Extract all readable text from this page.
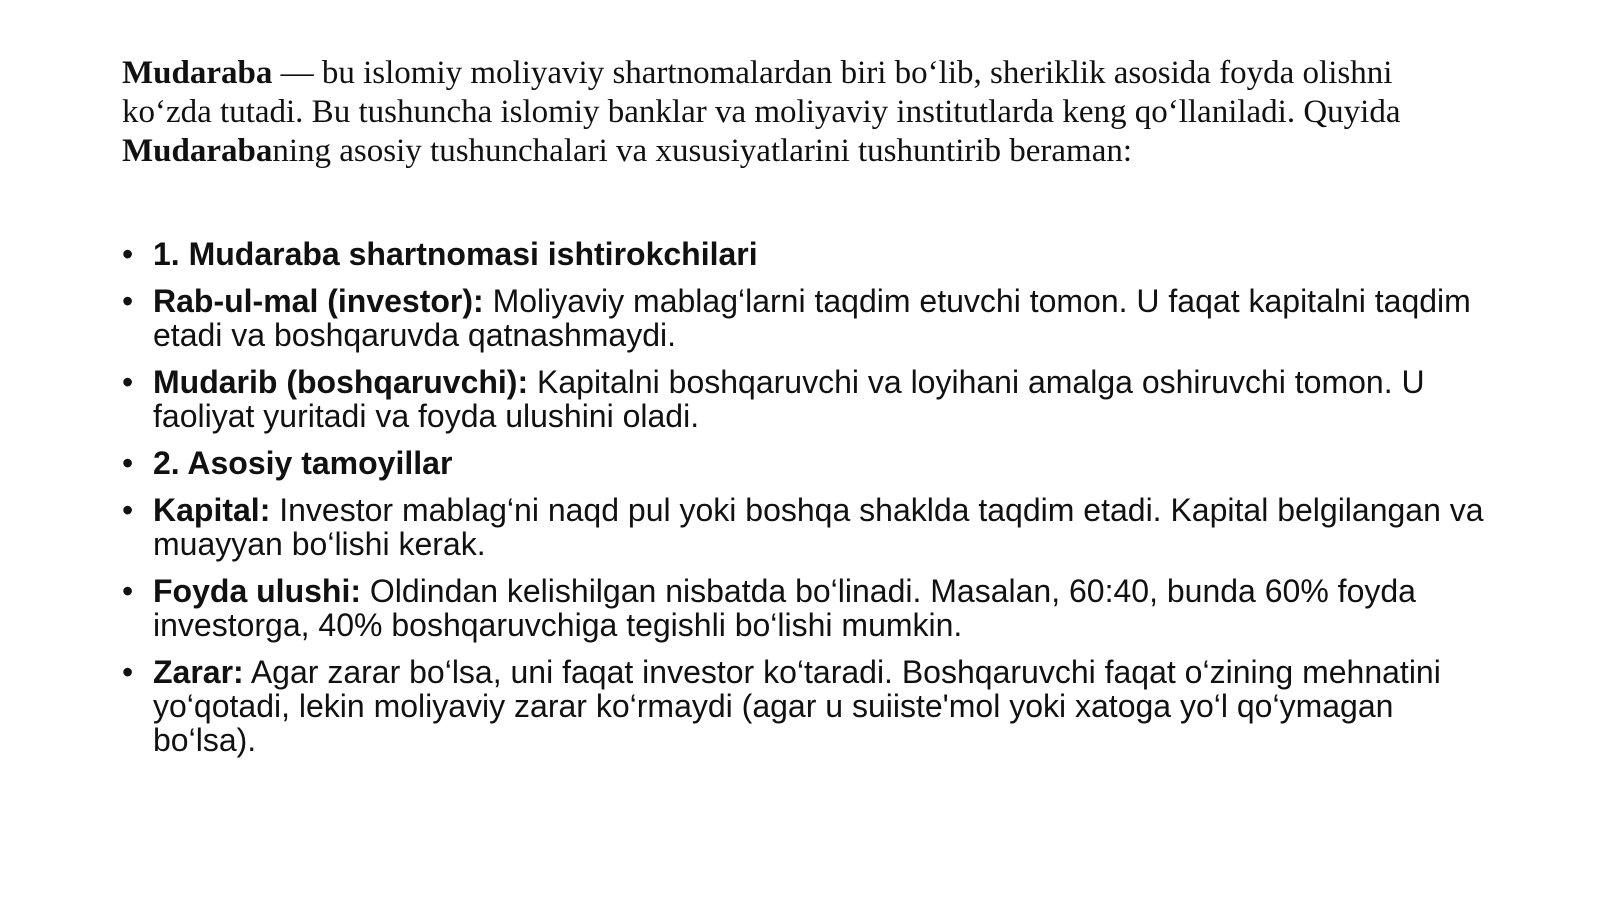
Mudaraba — bu islomiy moliyaviy shartnomalardan biri bo‘lib, sheriklik asosida foyda olishni ko‘zda tutadi. Bu tushuncha islomiy banklar va moliyaviy institutlarda keng qo‘llaniladi. Quyida Mudarabaning asosiy tushunchalari va xususiyatlarini tushuntirib beraman:

• 1. Mudaraba shartnomasi ishtirokchilari
• Rab-ul-mal (investor): Moliyaviy mablag‘larni taqdim etuvchi tomon. U faqat kapitalni taqdim etadi va boshqaruvda qatnashmaydi.
• Mudarib (boshqaruvchi): Kapitalni boshqaruvchi va loyihani amalga oshiruvchi tomon. U faoliyat yuritadi va foyda ulushini oladi.
• 2. Asosiy tamoyillar
• Kapital: Investor mablag‘ni naqd pul yoki boshqa shaklda taqdim etadi. Kapital belgilangan va muayyan bo‘lishi kerak.
• Foyda ulushi: Oldindan kelishilgan nisbatda bo‘linadi. Masalan, 60:40, bunda 60% foyda investorga, 40% boshqaruvchiga tegishli bo‘lishi mumkin.
• Zarar: Agar zarar bo‘lsa, uni faqat investor ko‘taradi. Boshqaruvchi faqat o‘zining mehnatini yo‘qotadi, lekin moliyaviy zarar ko‘rmaydi (agar u suiiste'mol yoki xatoga yo‘l qo‘ymagan bo‘lsa).
